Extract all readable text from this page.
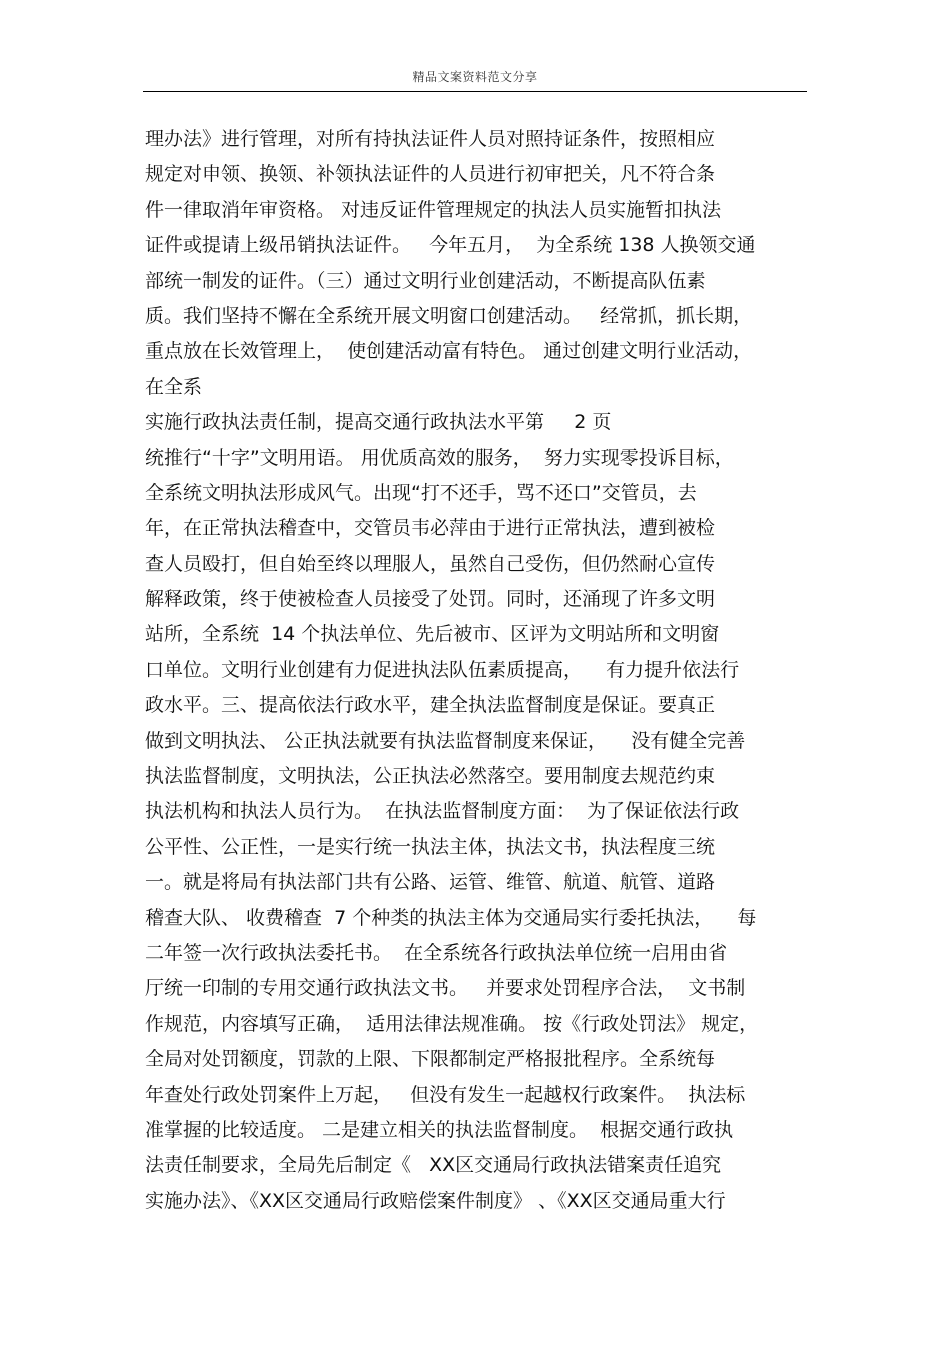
精品文案资料范文分享
理办法》进行管理，对所有持执法证件人员对照持证条件，按照相应
规定对申领、换领、补领执法证件的人员进行初审把关，凡不符合条
件一律取消年审资格。 对违反证件管理规定的执法人员实施暂扣执法
证件或提请上级吊销执法证件。   今年五月，  为全系统 138 人换领交通
部统一制发的证件。（三）通过文明行业创建活动，不断提高队伍素
质。我们坚持不懈在全系统开展文明窗口创建活动。   经常抓，抓长期，
重点放在长效管理上，  使创建活动富有特色。 通过创建文明行业活动，
在全系
实施行政执法责任制，提高交通行政执法水平第     2 页
统推行“十字”文明用语。 用优质高效的服务，  努力实现零投诉目标，
全系统文明执法形成风气。出现“打不还手，骂不还口”交管员，去
年，在正常执法稽查中，交管员韦必萍由于进行正常执法，遭到被检
查人员殴打，但自始至终以理服人，虽然自己受伤，但仍然耐心宣传
解释政策，终于使被检查人员接受了处罚。同时，还涌现了许多文明
站所，全系统  14 个执法单位、先后被市、区评为文明站所和文明窗
口单位。文明行业创建有力促进执法队伍素质提高，    有力提升依法行
政水平。三、提高依法行政水平，建全执法监督制度是保证。要真正
做到文明执法、 公正执法就要有执法监督制度来保证，    没有健全完善
执法监督制度，文明执法，公正执法必然落空。要用制度去规范约束
执法机构和执法人员行为。  在执法监督制度方面：  为了保证依法行政
公平性、公正性，一是实行统一执法主体，执法文书，执法程度三统
一。就是将局有执法部门共有公路、运管、维管、航道、航管、道路
稽查大队、 收费稽查  7 个种类的执法主体为交通局实行委托执法，    每
二年签一次行政执法委托书。  在全系统各行政执法单位统一启用由省
厅统一印制的专用交通行政执法文书。   并要求处罚程序合法，  文书制
作规范，内容填写正确，  适用法律法规准确。 按《行政处罚法》 规定，
全局对处罚额度，罚款的上限、下限都制定严格报批程序。全系统每
年查处行政处罚案件上万起，   但没有发生一起越权行政案件。  执法标
准掌握的比较适度。 二是建立相关的执法监督制度。  根据交通行政执
法责任制要求，全局先后制定《   XX区交通局行政执法错案责任追究
实施办法》、《XX区交通局行政赔偿案件制度》 、《XX区交通局重大行
